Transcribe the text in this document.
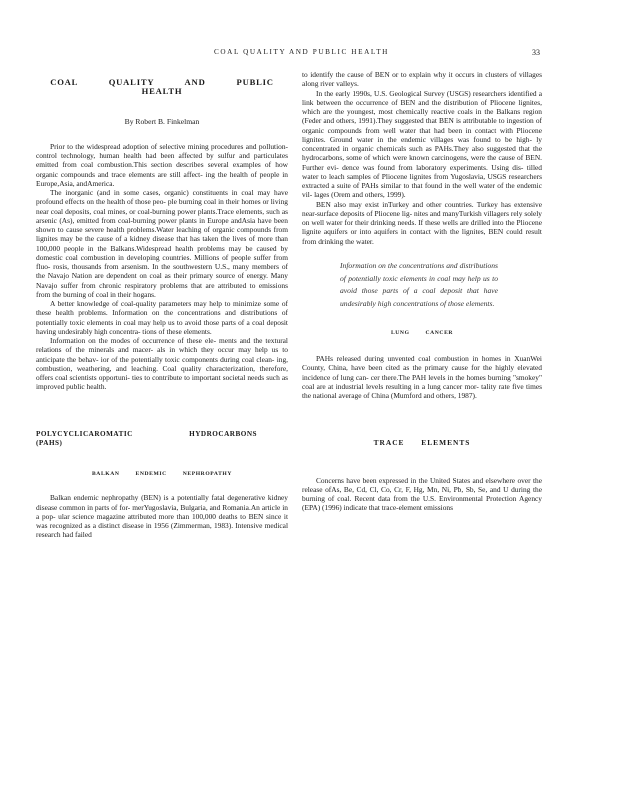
COAL QUALITY AND PUBLIC HEALTH	33
COAL QUALITY AND PUBLIC HEALTH
By Robert B. Finkelman

Prior to the widespread adoption of selective mining procedures and pollution-control technology, human health had been affected by sulfur and particulates emitted from coal combustion.This section describes several examples of how organic compounds and trace elements are still affect- ing the health of people in Europe,Asia, andAmerica.

The inorganic (and in some cases, organic) constituents in coal may have profound effects on the health of those peo- ple burning coal in their homes or living near coal deposits, coal mines, or coal-burning power plants.Trace elements, such as arsenic (As), emitted from coal-burning power plants in Europe andAsia have been shown to cause severe health problems.Water leaching of organic compounds from lignites may be the cause of a kidney disease that has taken the lives of more than 100,000 people in the Balkans.Widespread health problems may be caused by domestic coal combustion in developing countries. Millions of people suffer from fluo- rosis, thousands from arsenism. In the southwestern U.S., many members of the Navajo Nation are dependent on coal as their primary source of energy. Many Navajo suffer from chronic respiratory problems that are attributed to emissions from the burning of coal in their hogans.

A better knowledge of coal-quality parameters may help to minimize some of these health problems. Information on the concentrations and distributions of potentially toxic elements in coal may help us to avoid those parts of a coal deposit having undesirably high concentra- tions of these elements.

Information on the modes of occurrence of these ele- ments and the textural relations of the minerals and macer- als in which they occur may help us to anticipate the behav- ior of the potentially toxic components during coal clean- ing, combustion, weathering, and leaching. Coal quality characterization, therefore, offers coal scientists opportuni- ties to contribute to important societal needs such as improved public health.

POLYCYCLICAROMATIC HYDROCARBONS (PAHS)
BALKAN ENDEMIC NEPHROPATHY

Balkan endemic nephropathy (BEN) is a potentially fatal degenerative kidney disease common in parts of for- merYugoslavia, Bulgaria, and Romania.An article in a pop- ular science magazine attributed more than 100,000 deaths to BEN since it was recognized as a distinct disease in 1956 (Zimmerman, 1983). Intensive medical research had failed

to identify the cause of BEN or to explain why it occurs in clusters of villages along river valleys.

In the early 1990s, U.S. Geological Survey (USGS) researchers identified a link between the occurrence of BEN and the distribution of Pliocene lignites, which are the youngest, most chemically reactive coals in the Balkans region (Feder and others, 1991).They suggested that BEN is attributable to ingestion of organic compounds from well water that had been in contact with Pliocene lignites. Ground water in the endemic villages was found to be high- ly concentrated in organic chemicals such as PAHs.They also suggested that the hydrocarbons, some of which were known carcinogens, were the cause of BEN. Further evi- dence was found from laboratory experiments. Using dis- tilled water to leach samples of Pliocene lignites from Yugoslavia, USGS researchers extracted a suite of PAHs similar to that found in the well water of the endemic vil- lages (Orem and others, 1999).

BEN also may exist inTurkey and other countries. Turkey has extensive near-surface deposits of Pliocene lig- nites and manyTurkish villagers rely solely on well water for their drinking needs. If these wells are drilled into the Pliocene lignite aquifers or into aquifers in contact with the lignites, BEN could result from drinking the water.

Information on the concentrations and distributions of potentially toxic elements in coal may help us to avoid those parts of a coal deposit that have undesirably high concentrations of those elements.
LUNG CANCER

PAHs released during unvented coal combustion in homes in XuanWei County, China, have been cited as the primary cause for the highly elevated incidence of lung can- cer there.The PAH levels in the homes burning "smokey" coal are at industrial levels resulting in a lung cancer mor- tality rate five times the national average of China (Mumford and others, 1987).

TRACE ELEMENTS

Concerns have been expressed in the United States and elsewhere over the release ofAs, Be, Cd, Cl, Co, Cr, F, Hg, Mn, Ni, Pb, Sb, Se, and U during the burning of coal. Recent data from the U.S. Environmental Protection Agency (EPA) (1996) indicate that trace-element emissions
